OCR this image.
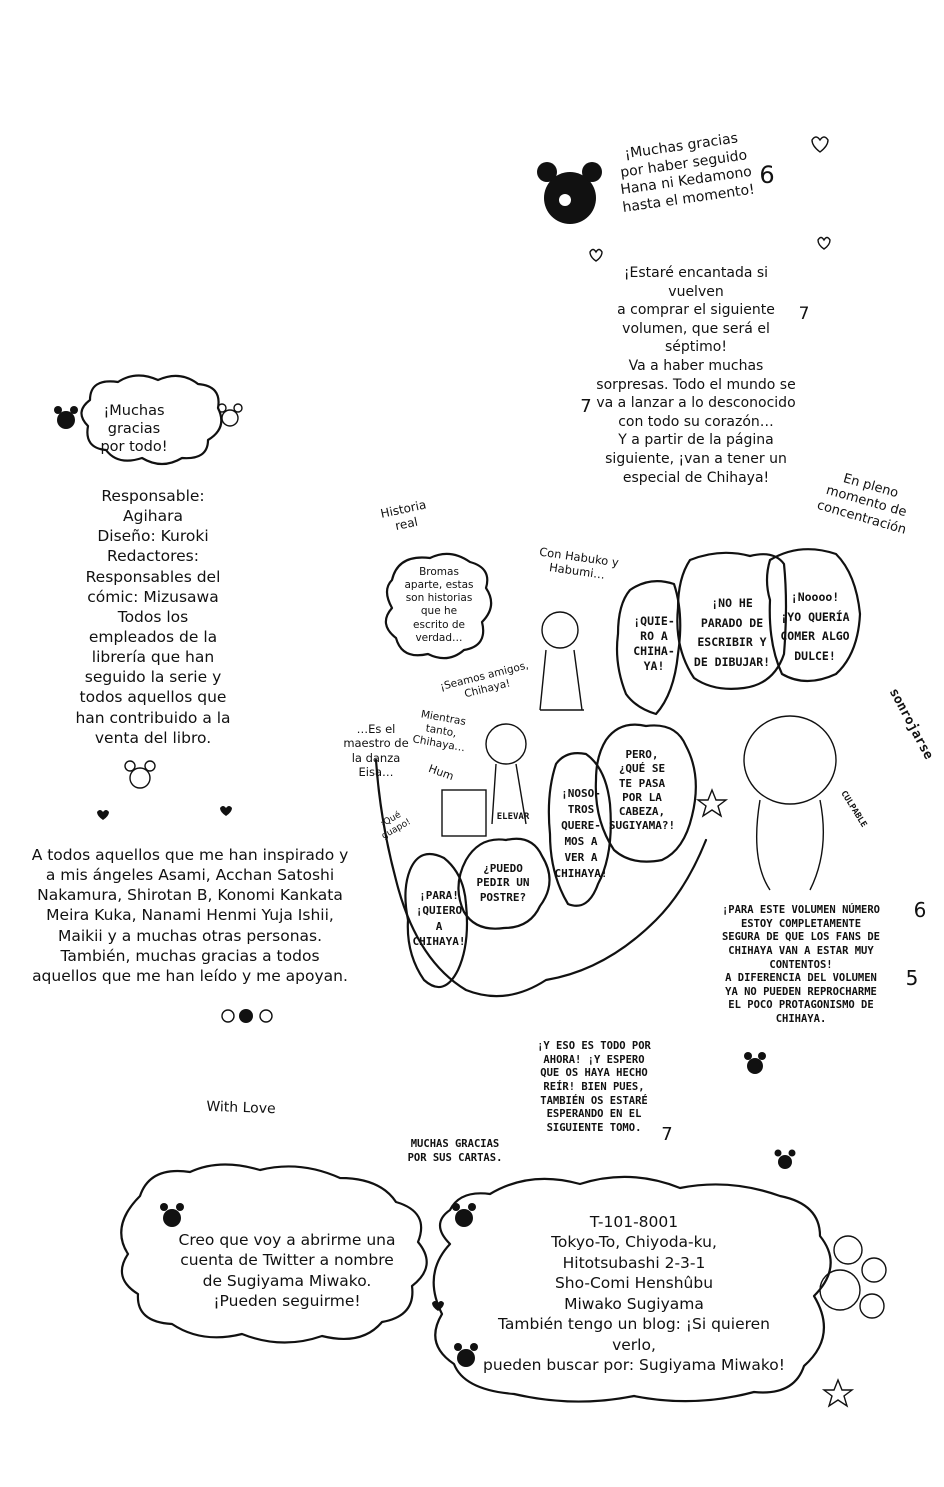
¡Muchas gracias
por haber seguido
Hana ni Kedamono
hasta el momento!
6
¡Estaré encantada si vuelven
a comprar el siguiente
volumen, que será el séptimo!
Va a haber muchas
sorpresas. Todo el mundo se
va a lanzar a lo desconocido
con todo su corazón…
Y a partir de la página
siguiente, ¡van a tener un
especial de Chihaya!
7
7
¡Muchas gracias
por todo!
Responsable:
Agihara
Diseño: Kuroki
Redactores:
Responsables del
cómic: Mizusawa
Todos los
empleados de la
librería que han
seguido la serie y
todos aquellos que
han contribuido a la
venta del libro.
A todos aquellos que me han inspirado y
a mis ángeles Asami, Acchan Satoshi
Nakamura, Shirotan B, Konomi Kankata
Meira Kuka, Nanami Henmi Yuja Ishii,
Maikii y a muchas otras personas.
También, muchas gracias a todos
aquellos que me han leído y me apoyan.
With Love
Historia
real
Bromas
aparte, estas
son historias
que he
escrito de
verdad…
Con Habuko y
Habumi…
¡Seamos amigos,
Chihaya!
Mientras
tanto,
Chihaya…
…Es el
maestro de
la danza
Eisa…	Hum
¡Qué
guapo!
ELEVAR
En pleno
momento de
concentración
¡QUIE-
RO A
CHIHA-
YA!
¡NO HE
PARADO DE
ESCRIBIR Y
DE DIBUJAR!
¡Noooo!
¡YO QUERÍA
COMER ALGO
DULCE!
sonrojarse
CULPABLE
PERO,
¿QUÉ SE
TE PASA
POR LA
CABEZA,
SUGIYAMA?!
¡NOSO-
TROS
QUERE-
MOS A
VER A
CHIHAYA!
¿PUEDO
PEDIR UN
POSTRE?
¡PARA!
¡QUIERO
A
CHIHAYA!
¡PARA ESTE VOLUMEN NÚMERO
ESTOY COMPLETAMENTE
SEGURA DE QUE LOS FANS DE
CHIHAYA VAN A ESTAR MUY
CONTENTOS!
A DIFERENCIA DEL VOLUMEN
YA NO PUEDEN REPROCHARME
EL POCO PROTAGONISMO DE
CHIHAYA.
6
5
¡Y ESO ES TODO POR
AHORA! ¡Y ESPERO
QUE OS HAYA HECHO
REÍR! BIEN PUES,
TAMBIÉN OS ESTARÉ
ESPERANDO EN EL
SIGUIENTE TOMO.	7
MUCHAS GRACIAS
POR SUS CARTAS.
Creo que voy a abrirme una
cuenta de Twitter a nombre
de Sugiyama Miwako.
¡Pueden seguirme!
T-101-8001
Tokyo-To, Chiyoda-ku,
Hitotsubashi 2-3-1
Sho-Comi Henshûbu
Miwako Sugiyama
También tengo un blog: ¡Si quieren verlo,
pueden buscar por: Sugiyama Miwako!
